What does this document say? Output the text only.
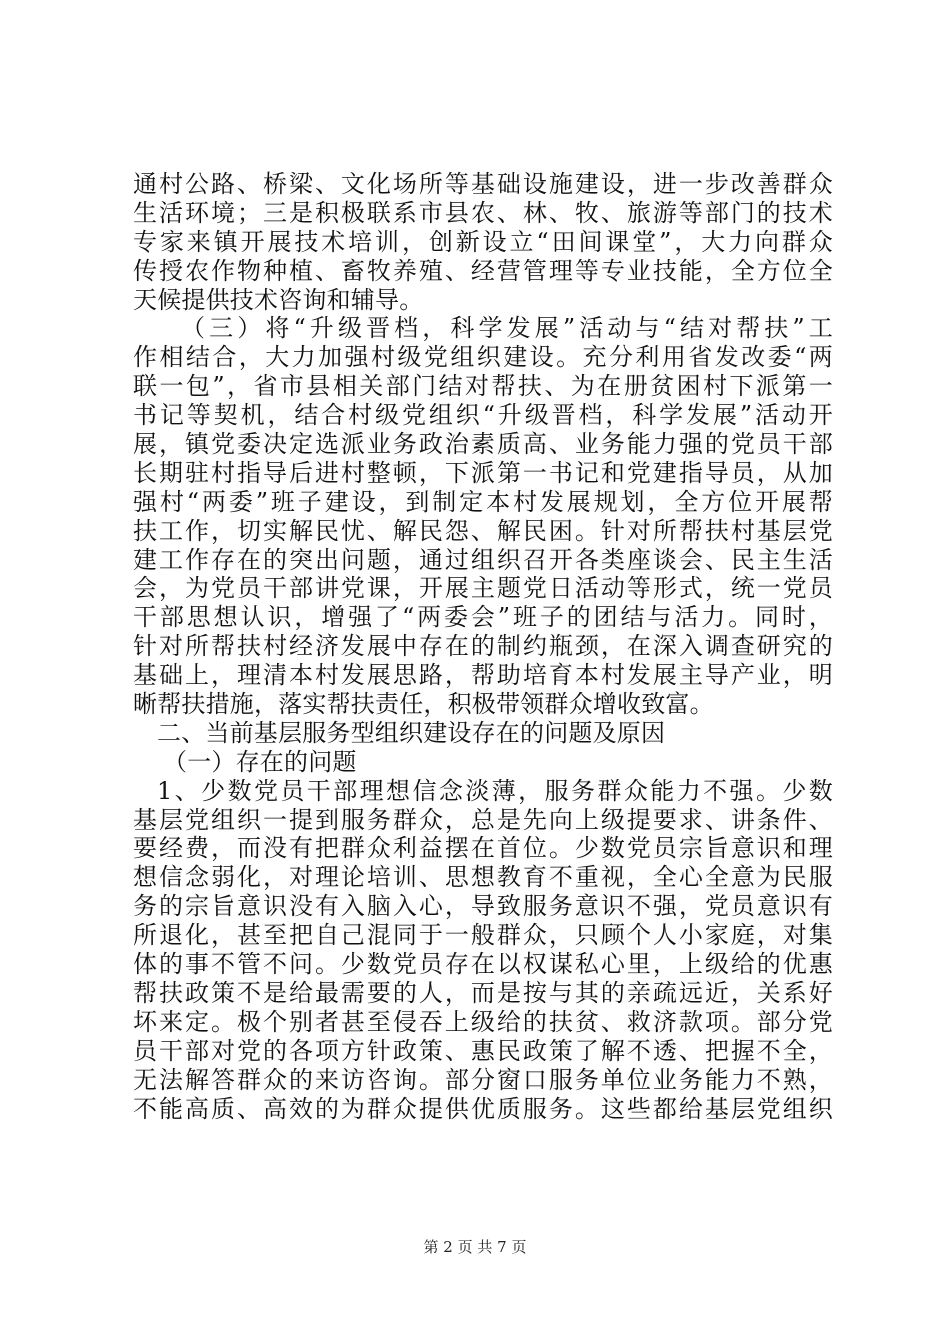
通村公路、桥梁、文化场所等基础设施建设，进一步改善群众
生活环境；三是积极联系市县农、林、牧、旅游等部门的技术
专家来镇开展技术培训，创新设立“田间课堂”，大力向群众
传授农作物种植、畜牧养殖、经营管理等专业技能，全方位全
天候提供技术咨询和辅导。
（三）将“升级晋档，科学发展”活动与“结对帮扶”工
作相结合，大力加强村级党组织建设。充分利用省发改委“两
联一包”，省市县相关部门结对帮扶、为在册贫困村下派第一
书记等契机，结合村级党组织“升级晋档，科学发展”活动开
展，镇党委决定选派业务政治素质高、业务能力强的党员干部
长期驻村指导后进村整顿，下派第一书记和党建指导员，从加
强村“两委”班子建设，到制定本村发展规划，全方位开展帮
扶工作，切实解民忧、解民怨、解民困。针对所帮扶村基层党
建工作存在的突出问题，通过组织召开各类座谈会、民主生活
会，为党员干部讲党课，开展主题党日活动等形式，统一党员
干部思想认识，增强了“两委会”班子的团结与活力。同时，
针对所帮扶村经济发展中存在的制约瓶颈，在深入调查研究的
基础上，理清本村发展思路，帮助培育本村发展主导产业，明
晰帮扶措施，落实帮扶责任，积极带领群众增收致富。
二、当前基层服务型组织建设存在的问题及原因
（一）存在的问题
1、少数党员干部理想信念淡薄，服务群众能力不强。少数
基层党组织一提到服务群众，总是先向上级提要求、讲条件、
要经费，而没有把群众利益摆在首位。少数党员宗旨意识和理
想信念弱化，对理论培训、思想教育不重视，全心全意为民服
务的宗旨意识没有入脑入心，导致服务意识不强，党员意识有
所退化，甚至把自己混同于一般群众，只顾个人小家庭，对集
体的事不管不问。少数党员存在以权谋私心里，上级给的优惠
帮扶政策不是给最需要的人，而是按与其的亲疏远近，关系好
坏来定。极个别者甚至侵吞上级给的扶贫、救济款项。部分党
员干部对党的各项方针政策、惠民政策了解不透、把握不全，
无法解答群众的来访咨询。部分窗口服务单位业务能力不熟，
不能高质、高效的为群众提供优质服务。这些都给基层党组织
第 2 页 共 7 页
